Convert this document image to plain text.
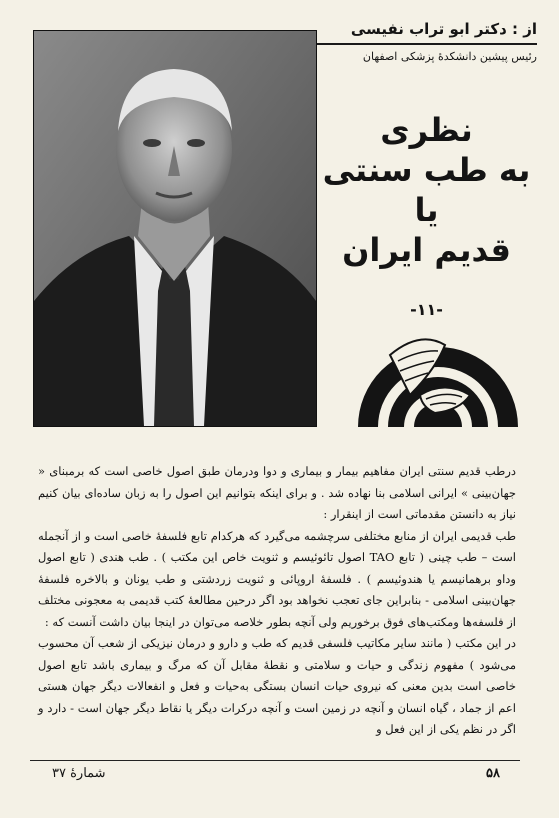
از : دکتر ابو تراب نفیسی
رئیس پیشین دانشکدهٔ پزشکی اصفهان
نظری
به طب سنتی
یا
قدیم ایران
-۱۱-

درطب قدیم سنتی ایران مفاهیم بیمار و بیماری و دوا ودرمان طبق اصول خاصی است که برمبنای « جهان‌بینی » ایرانی اسلامی بنا نهاده شد . و برای اینکه بتوانیم این اصول را به زبان ساده‌ای بیان کنیم نیاز به دانستن مقدماتی است از اینقرار :

طب قدیمی ایران از منابع مختلفی سرچشمه می‌گیرد که هرکدام تابع فلسفهٔ خاصی است و از آنجمله است – طب چینی ( تابع TAO اصول تائوئیسم و ثنویت خاص این مکتب ) . طب هندی ( تابع اصول وداو برهمانیسم یا هندوئیسم ) . فلسفهٔ اروپائی و ثنویت زردشتی و طب یونان و بالاخره فلسفهٔ جهان‌بینی اسلامی - بنابراین جای تعجب نخواهد بود اگر درحین مطالعهٔ کتب قدیمی به معجونی مختلف از فلسفه‌ها ومکتب‌های فوق برخوریم ولی آنچه بطور خلاصه می‌توان در اینجا بیان داشت آنست که :

در این مکتب ( مانند سایر مکاتیب فلسفی قدیم که طب و دارو و درمان نیزیکی از شعب آن محسوب می‌شود ) مفهوم زندگی و حیات و سلامتی و نقطهٔ مقابل آن که مرگ و بیماری باشد تابع اصول خاصی است بدین معنی که نیروی حیات انسان بستگی به‌حیات و فعل و انفعالات دیگر جهان هستی اعم از جماد ، گیاه انسان و آنچه در زمین است و آنچه درکرات دیگر یا نقاط دیگر جهان است - دارد و اگر در نظم یکی از این فعل و

شمارهٔ ۳۷	۵۸
